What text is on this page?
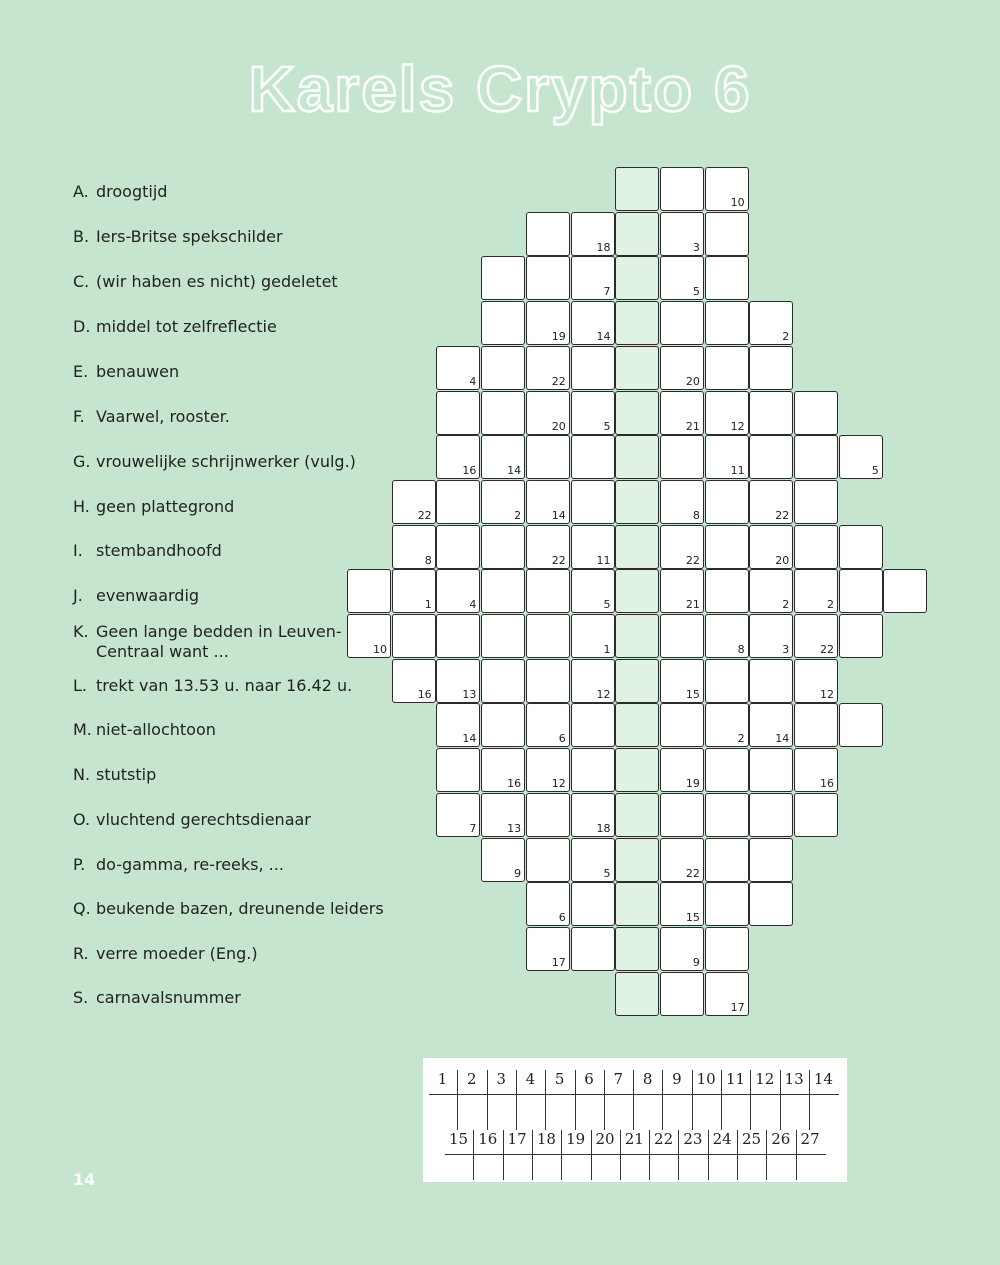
Karels Crypto 6
A. droogtijd
B. Iers-Britse spekschilder
C. (wir haben es nicht) gedeletet
D. middel tot zelfreflectie
E. benauwen
F. Vaarwel, rooster.
G. vrouwelijke schrijnwerker (vulg.)
H. geen plattegrond
I. stembandhoofd
J. evenwaardig
K. Geen lange bedden in Leuven-
Centraal want ...
L. trekt van 13.53 u. naar 16.42 u.
M. niet-allochtoon
N. stutstip
O. vluchtend gerechtsdienaar
P. do-gamma, re-reeks, ...
Q. beukende bazen, dreunende leiders
R. verre moeder (Eng.)
S. carnavalsnummer
10
18	3
7	5
19	14	2
4	22	20
20	5	21	12
16	14	11	5
22	2	14	8	22
8	22	11	22	20
1	4	5	21	2	2
10	1	8	3	22
16	13	12	15	12
14	6	2	14
16	12	19	16
7	13	18
9	5	22
6	15
17	9
17
1	2	3	4	5	6	7	8	9 10 11 12 13 14
15 16 17 18 19 20 21 22 23 24 25 26 27
14
